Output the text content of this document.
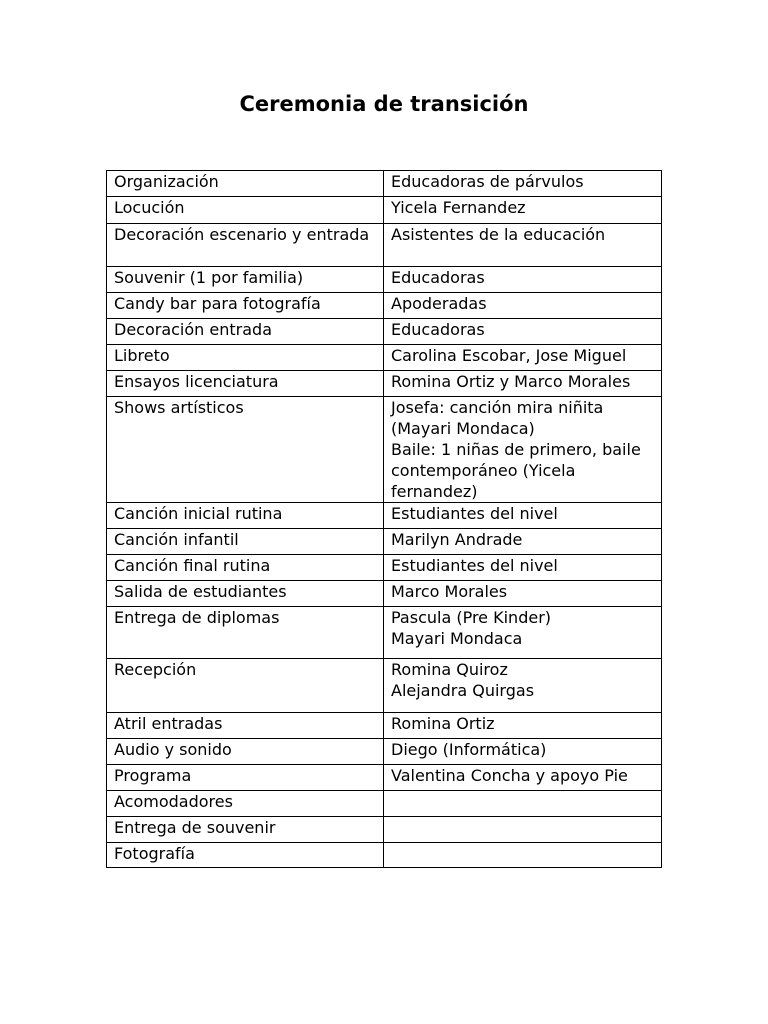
Ceremonia de transición
Organización	Educadoras de párvulos
Locución	Yicela Fernandez
Decoración escenario y entrada	Asistentes de la educación
Souvenir (1 por familia)	Educadoras
Candy bar para fotografía	Apoderadas
Decoración entrada	Educadoras
Libreto	Carolina Escobar, Jose Miguel
Ensayos licenciatura	Romina Ortiz y Marco Morales
Shows artísticos	Josefa: canción mira niñita (Mayari Mondaca)
Baile: 1 niñas de primero, baile contemporáneo (Yicela fernandez)
Canción inicial rutina	Estudiantes del nivel
Canción infantil	Marilyn Andrade
Canción final rutina	Estudiantes del nivel
Salida de estudiantes	Marco Morales
Entrega de diplomas	Pascula (Pre Kinder)
Mayari Mondaca
Recepción	Romina Quiroz
Alejandra Quirgas
Atril entradas	Romina Ortiz
Audio y sonido	Diego (Informática)
Programa	Valentina Concha y apoyo Pie
Acomodadores	
Entrega de souvenir	
Fotografía	
